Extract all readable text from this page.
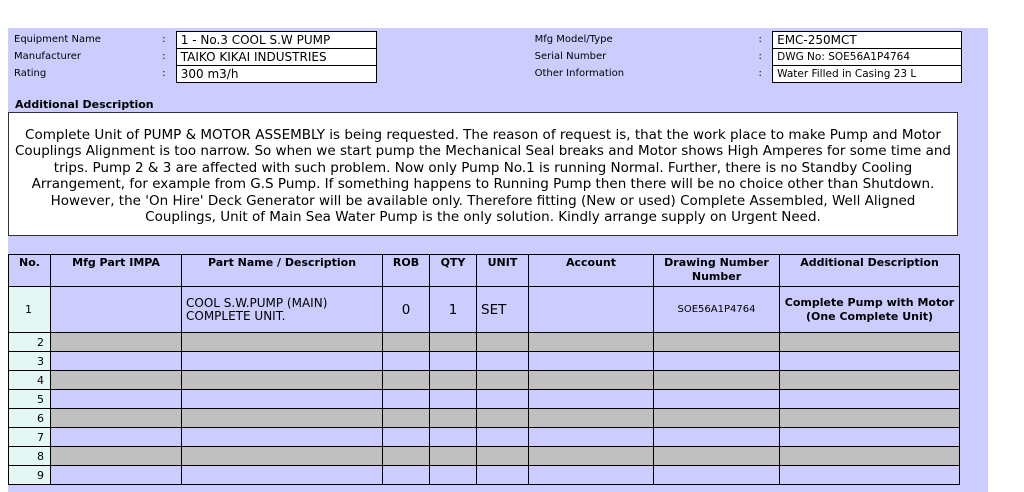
Equipment Name	:	1 - No.3 COOL S.W PUMP		Mfg Model/Type	:	EMC-250MCT
Manufacturer	:	TAIKO KIKAI INDUSTRIES		Serial Number	:	DWG No: SOE56A1P4764
Rating	:	300 m3/h		Other Information	:	Water Filled in Casing 23 L
Additional Description
Complete Unit of PUMP & MOTOR ASSEMBLY is being requested. The reason of request is, that the work place to make Pump and Motor Couplings Alignment is too narrow. So when we start pump the Mechanical Seal breaks and Motor shows High Amperes for some time and trips. Pump 2 & 3 are affected with such problem. Now only Pump No.1 is running Normal. Further, there is no Standby Cooling Arrangement, for example from G.S Pump. If something happens to Running Pump then there will be no choice other than Shutdown. However, the 'On Hire' Deck Generator will be available only. Therefore fitting (New or used) Complete Assembled, Well Aligned Couplings, Unit of Main Sea Water Pump is the only solution. Kindly arrange supply on Urgent Need.
No.	Mfg Part IMPA	Part Name / Description	ROB	QTY	UNIT	Account	Drawing Number Number	Additional Description
1		COOL S.W.PUMP (MAIN) COMPLETE UNIT.	0	1	SET		SOE56A1P4764	Complete Pump with Motor (One Complete Unit)
2								
3								
4								
5								
6								
7								
8								
9								
